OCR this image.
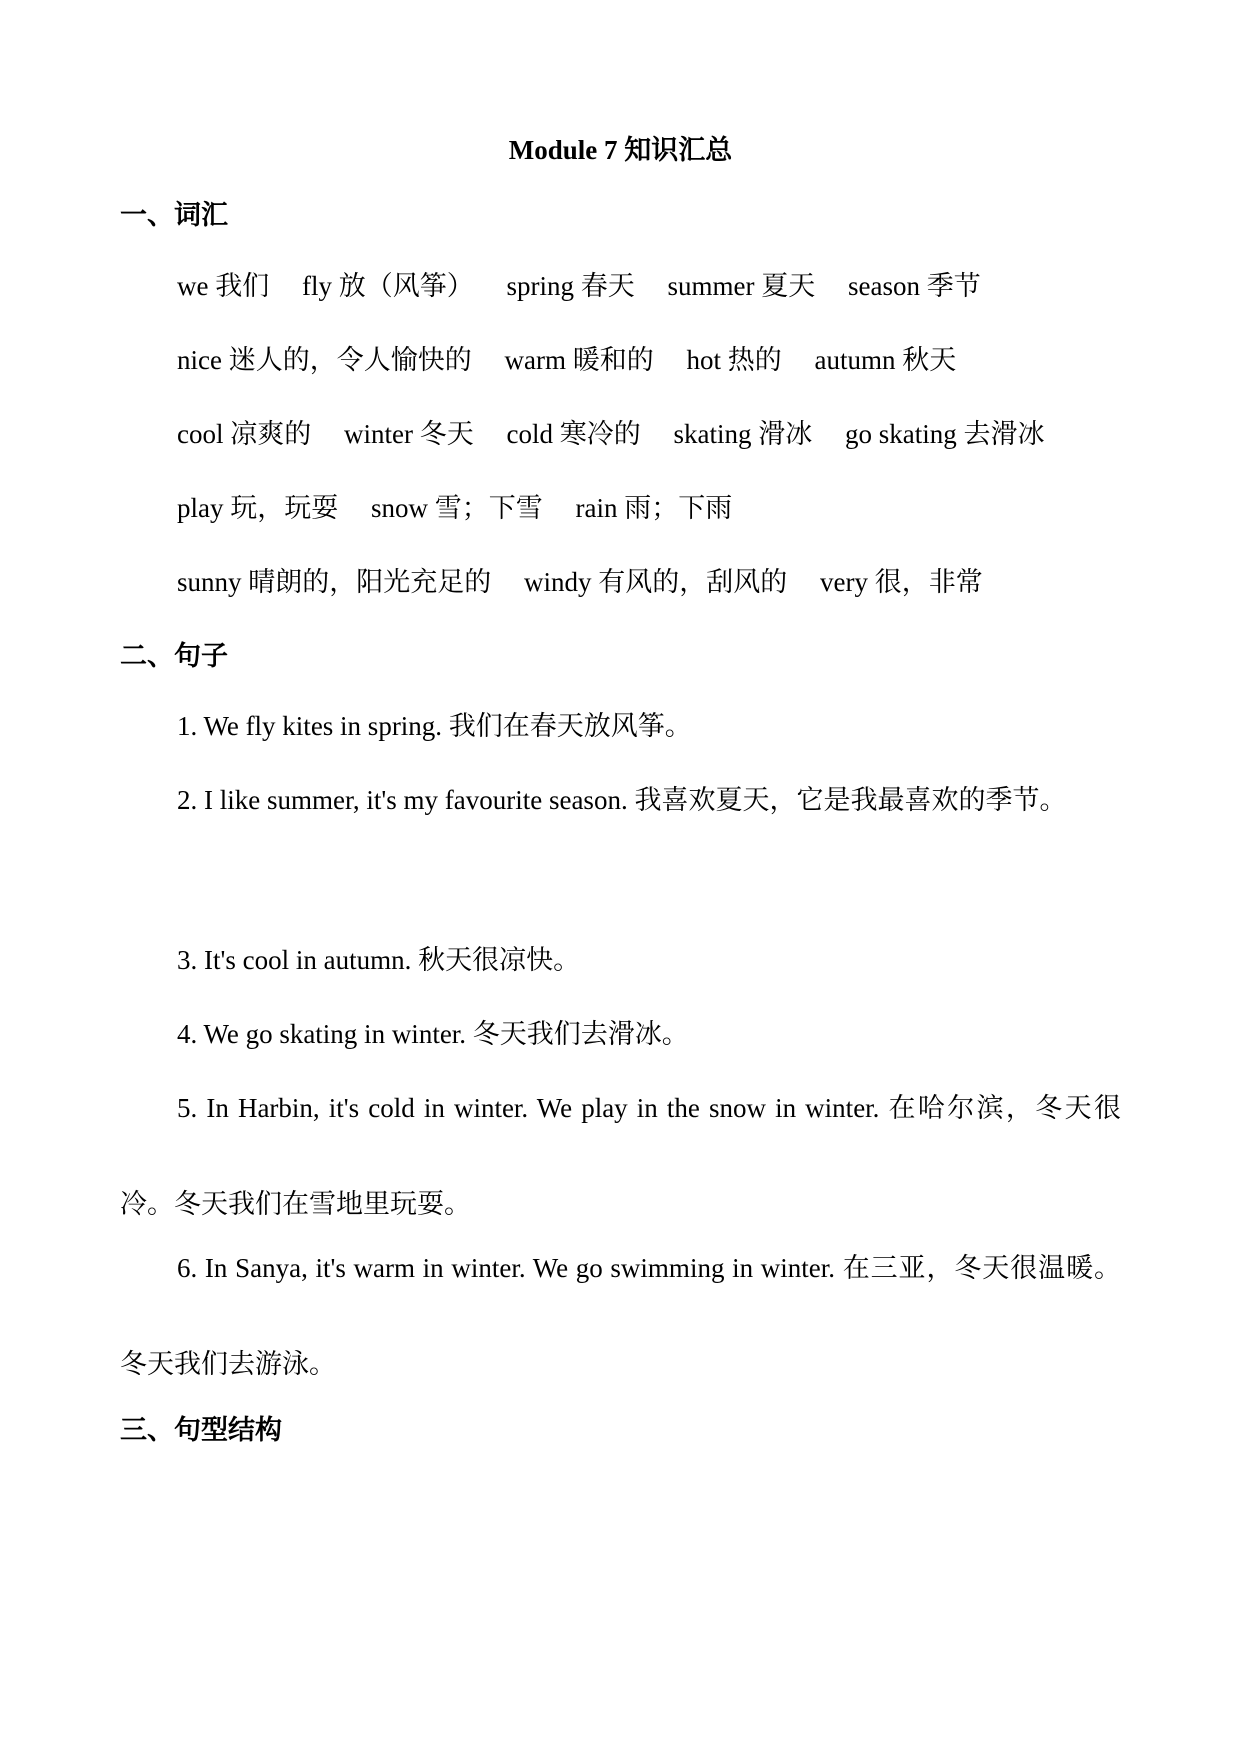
Module 7 知识汇总
一、词汇
we 我们 fly 放（风筝） spring 春天 summer 夏天 season 季节
nice 迷人的，令人愉快的 warm 暖和的 hot 热的 autumn 秋天
cool 凉爽的 winter 冬天 cold 寒冷的 skating 滑冰 go skating 去滑冰
play 玩，玩耍 snow 雪；下雪 rain 雨；下雨
sunny 晴朗的，阳光充足的 windy 有风的，刮风的 very 很，非常
二、句子

1. We fly kites in spring. 我们在春天放风筝。

2. I like summer, it's my favourite season. 我喜欢夏天，它是我最喜欢的季节。

3. It's cool in autumn. 秋天很凉快。

4. We go skating in winter. 冬天我们去滑冰。

5. In Harbin, it's cold in winter. We play in the snow in winter. 在哈尔滨，冬天很冷。冬天我们在雪地里玩耍。

6. In Sanya, it's warm in winter. We go swimming in winter. 在三亚，冬天很温暖。冬天我们去游泳。

三、句型结构
